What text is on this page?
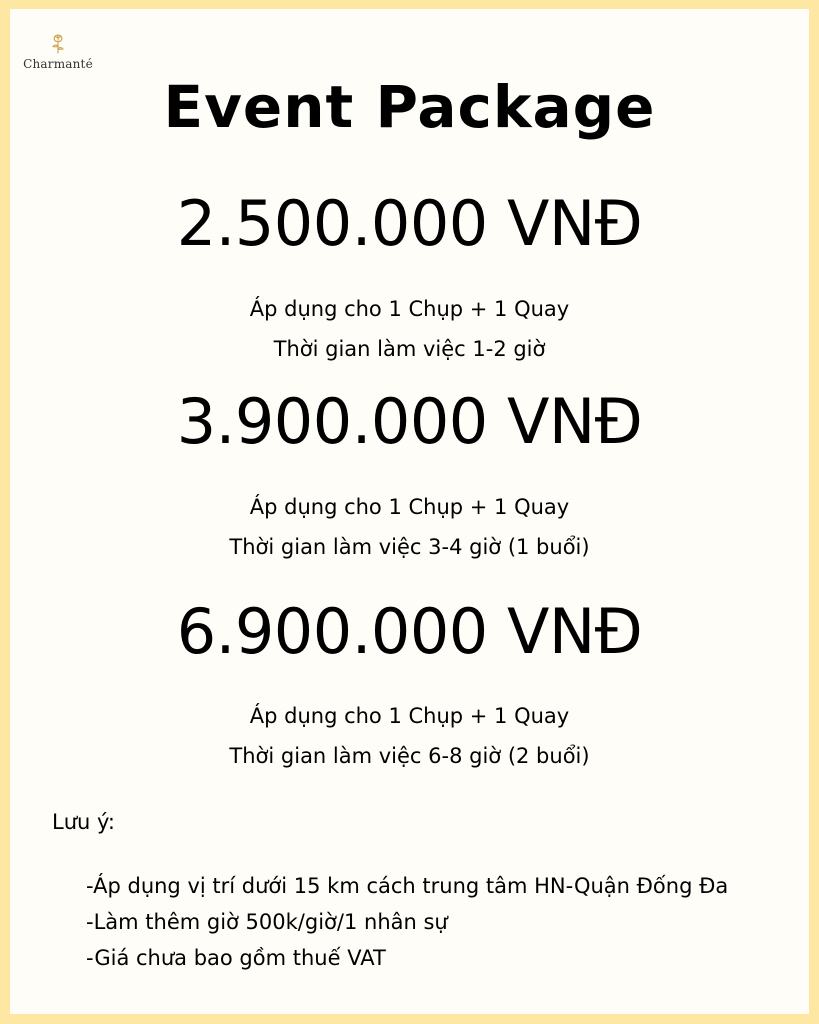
Charmanté
Event Package
2.500.000 VNĐ
Áp dụng cho 1 Chụp + 1 Quay
Thời gian làm việc 1-2 giờ
3.900.000 VNĐ
Áp dụng cho 1 Chụp + 1 Quay
Thời gian làm việc 3-4 giờ (1 buổi)
6.900.000 VNĐ
Áp dụng cho 1 Chụp + 1 Quay
Thời gian làm việc 6-8 giờ (2 buổi)
Lưu ý:
-Áp dụng vị trí dưới 15 km cách trung tâm HN-Quận Đống Đa
-Làm thêm giờ 500k/giờ/1 nhân sự
-Giá chưa bao gồm thuế VAT
